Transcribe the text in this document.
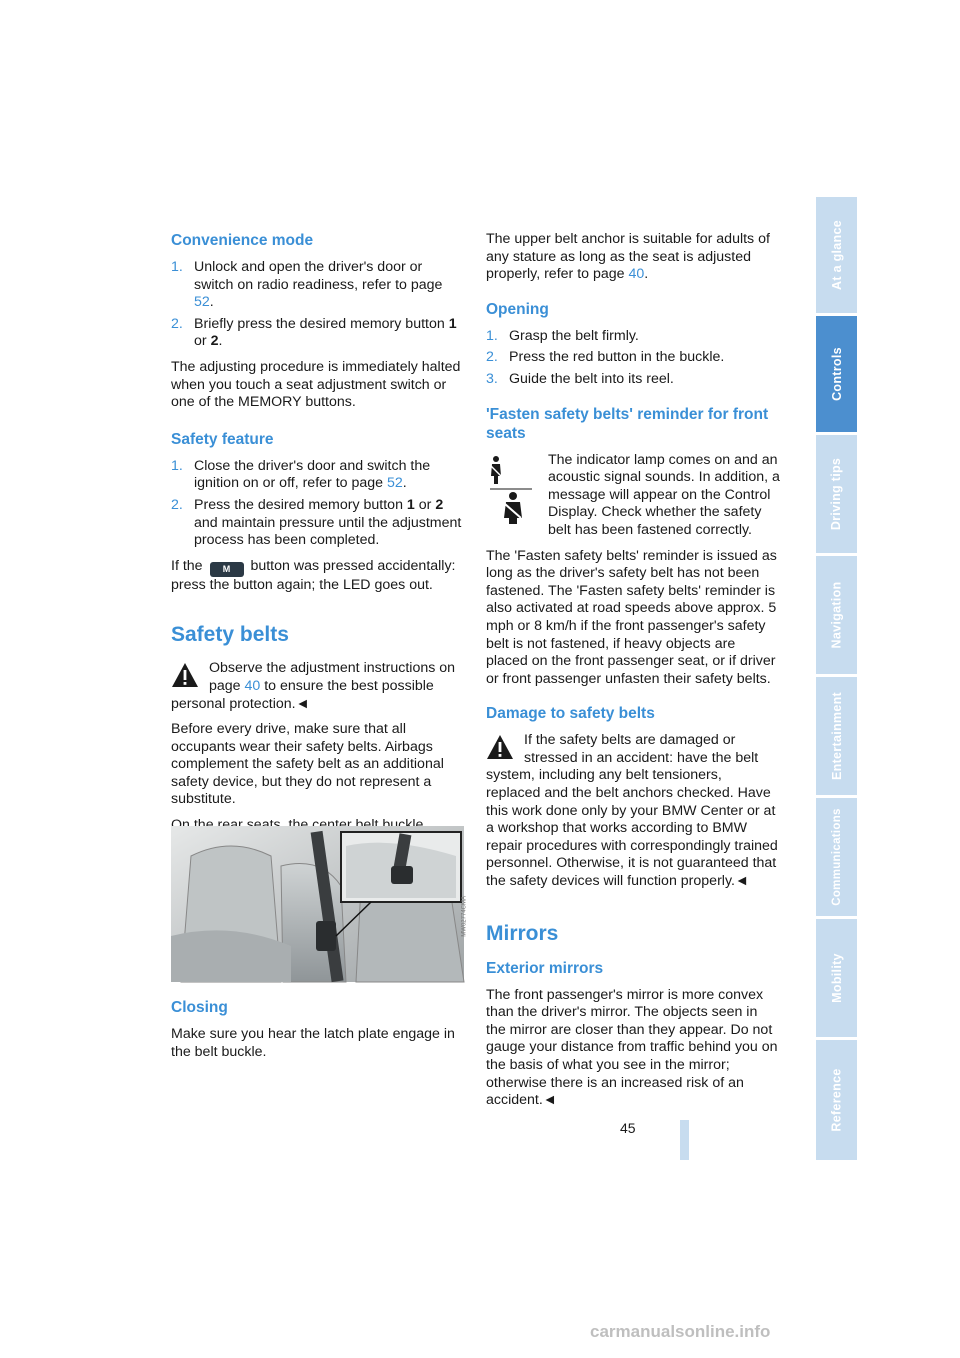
Convenience mode
1. Unlock and open the driver's door or switch on radio readiness, refer to page 52.
2. Briefly press the desired memory button 1 or 2.

The adjusting procedure is immediately halted when you touch a seat adjustment switch or one of the MEMORY buttons.

Safety feature
1. Close the driver's door and switch the ignition on or off, refer to page 52.
2. Press the desired memory button 1 or 2 and maintain pressure until the adjustment process has been completed.

If the M button was pressed accidentally: press the button again; the LED goes out.

Safety belts

Observe the adjustment instructions on page 40 to ensure the best possible personal protection.◄

Before every drive, make sure that all occupants wear their safety belts. Airbags complement the safety belt as an additional safety device, but they do not represent a substitute.

MW02774CMA
Closing

Make sure you hear the latch plate engage in the belt buckle.

The upper belt anchor is suitable for adults of any stature as long as the seat is adjusted properly, refer to page 40.

Opening
1. Grasp the belt firmly.
2. Press the red button in the buckle.
3. Guide the belt into its reel.
'Fasten safety belts' reminder for front seats

The indicator lamp comes on and an acoustic signal sounds. In addition, a message will appear on the Control Display. Check whether the safety belt has been fastened correctly.

The 'Fasten safety belts' reminder is issued as long as the driver's safety belt has not been fastened. The 'Fasten safety belts' reminder is also activated at road speeds above approx. 5 mph or 8 km/h if the front passenger's safety belt is not fastened, if heavy objects are placed on the front passenger seat, or if driver or front passenger unfasten their safety belts.

Damage to safety belts

If the safety belts are damaged or stressed in an accident: have the belt system, including any belt tensioners, replaced and the belt anchors checked. Have this work done only by your BMW Center or at a workshop that works according to BMW repair procedures with correspondingly trained personnel. Otherwise, it is not guaranteed that the safety devices will function properly.◄

Mirrors
Exterior mirrors

The front passenger's mirror is more convex than the driver's mirror. The objects seen in the mirror are closer than they appear. Do not gauge your distance from traffic behind you on the basis of what you see in the mirror; otherwise there is an increased risk of an accident.◄

At a glance
Controls
Driving tips
Navigation
Entertainment
Communications
Mobility
Reference
45
carmanualsonline.info
